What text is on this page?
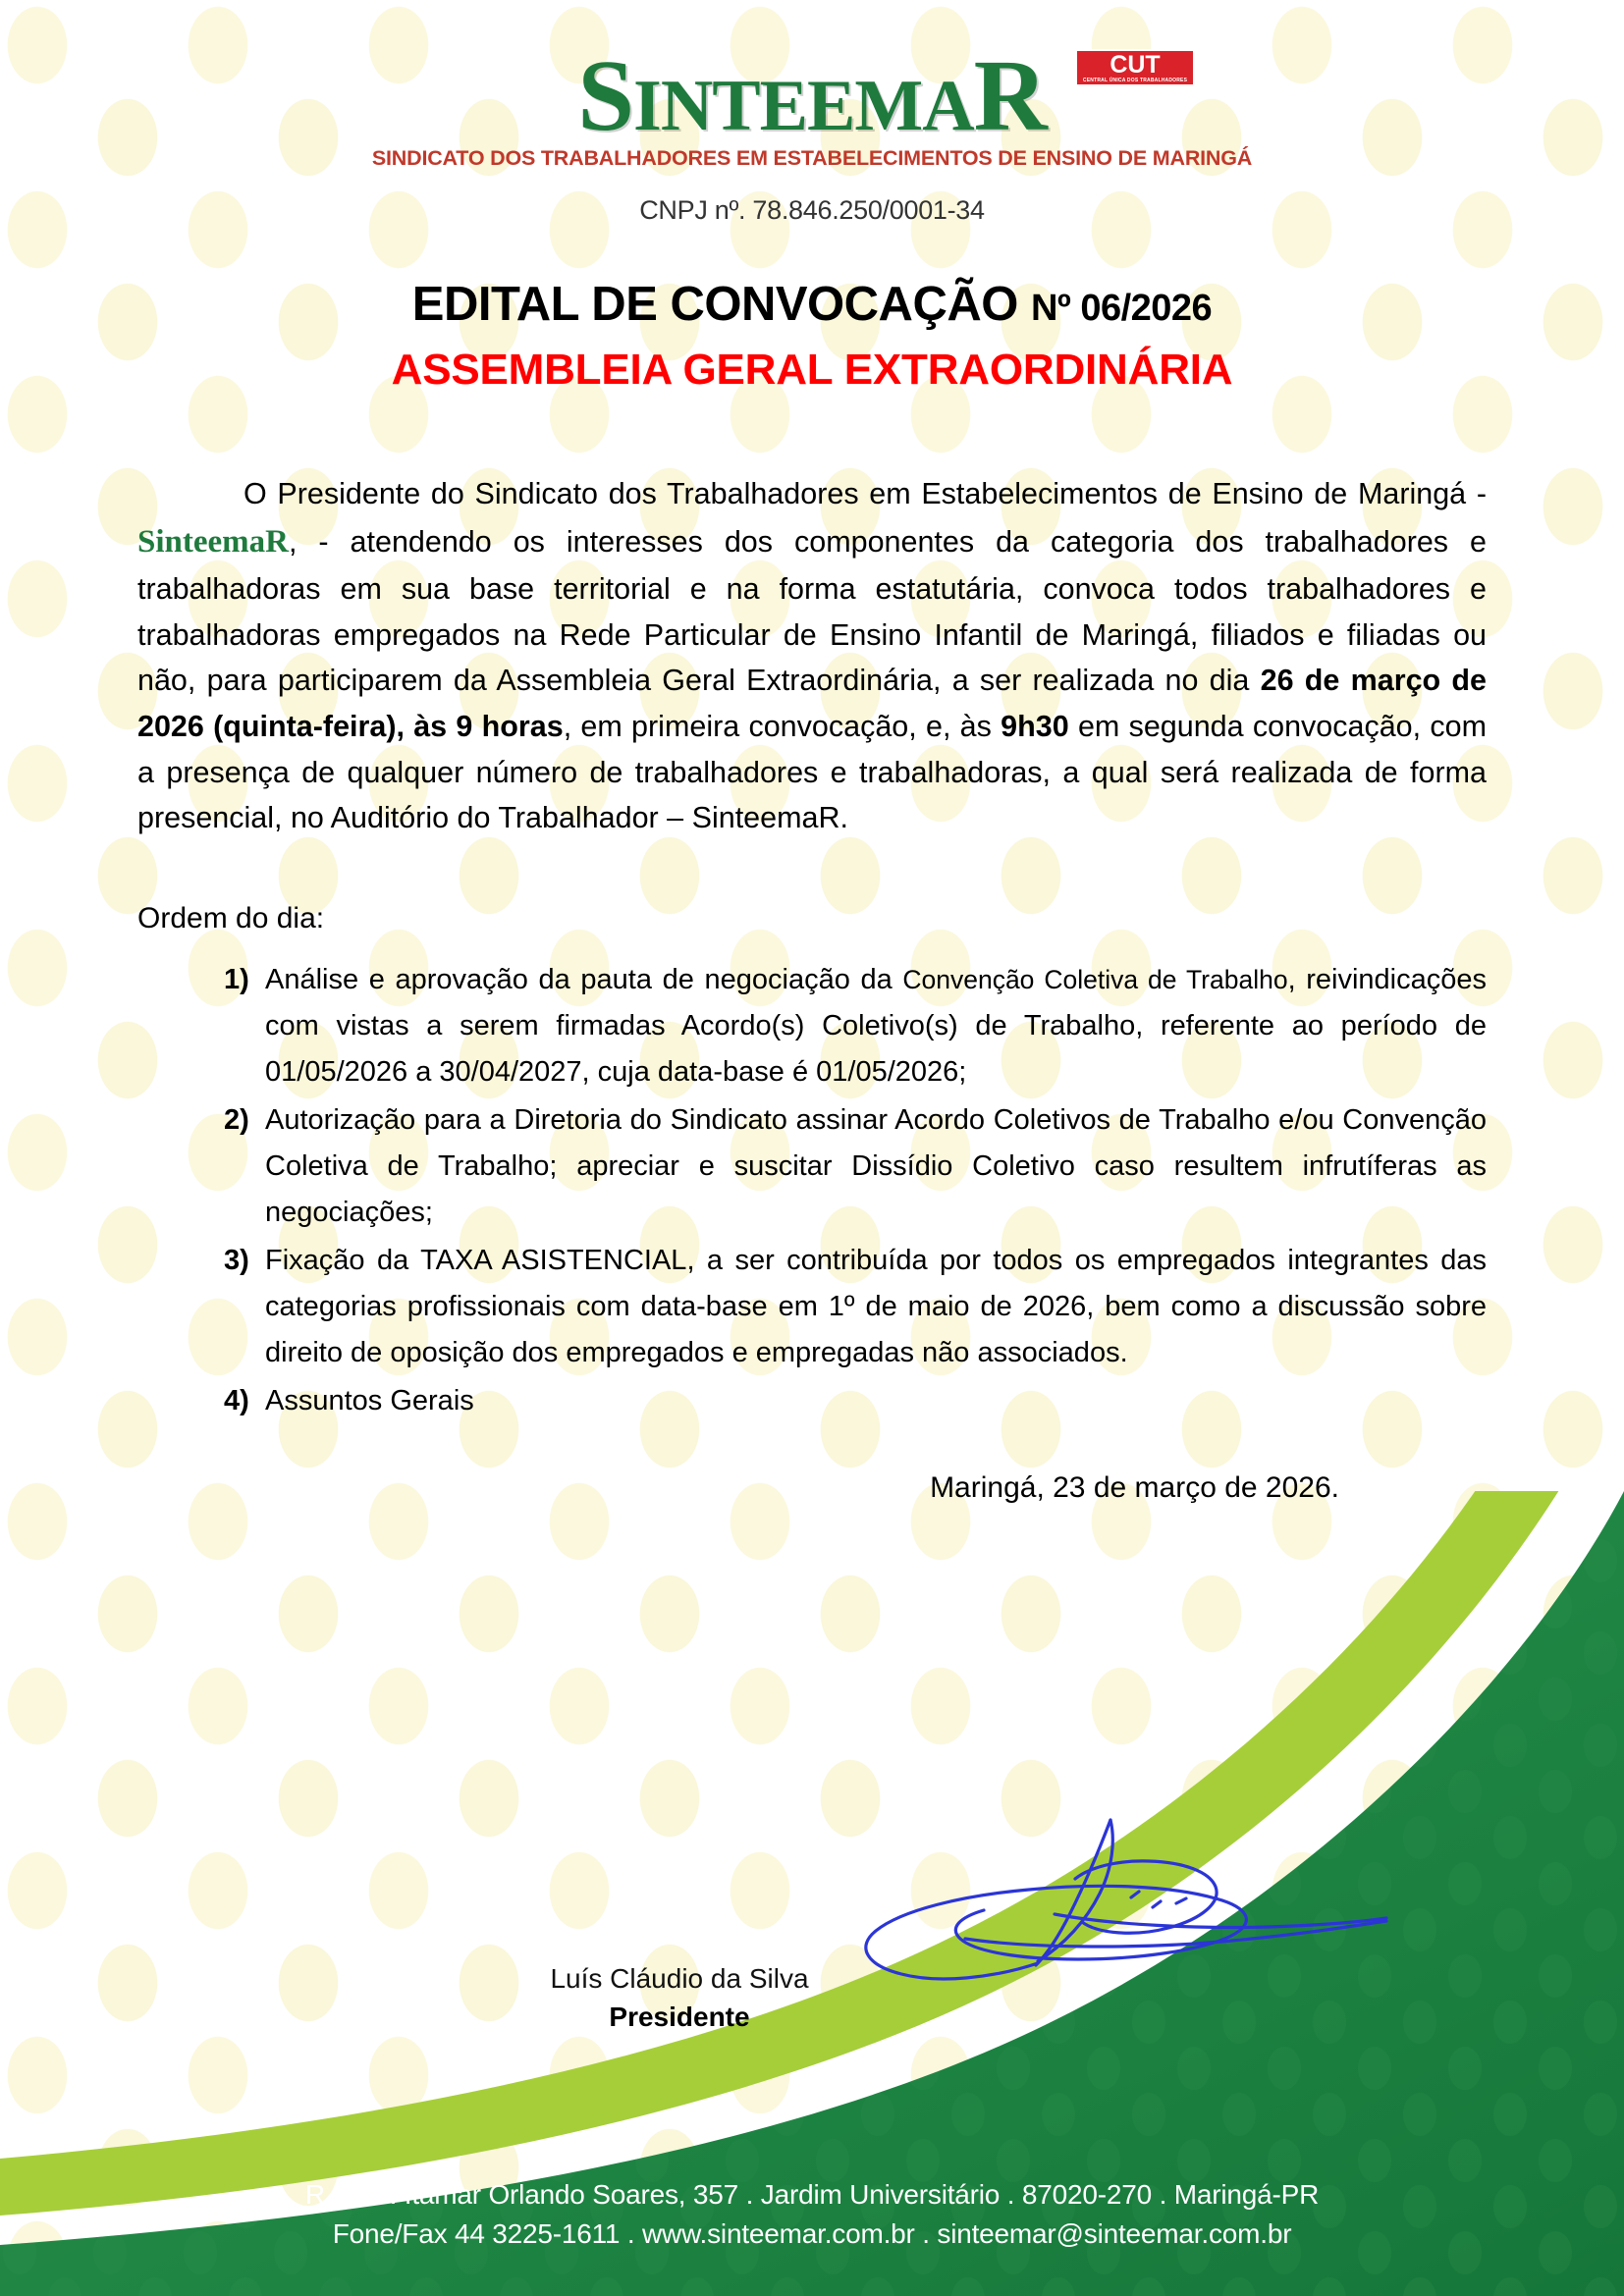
SINTEEMAR	CUT
CENTRAL ÚNICA DOS TRABALHADORES
SINDICATO DOS TRABALHADORES EM ESTABELECIMENTOS DE ENSINO DE MARINGÁ
CNPJ nº. 78.846.250/0001-34
EDITAL DE CONVOCAÇÃO Nº 06/2026
ASSEMBLEIA GERAL EXTRAORDINÁRIA

O Presidente do Sindicato dos Trabalhadores em Estabelecimentos de Ensino de Maringá - SinteemaR, - atendendo os interesses dos componentes da categoria dos trabalhadores e trabalhadoras em sua base territorial e na forma estatutária, convoca todos trabalhadores e trabalhadoras empregados na Rede Particular de Ensino Infantil de Maringá, filiados e filiadas ou não, para participarem da Assembleia Geral Extraordinária, a ser realizada no dia 26 de março de 2026 (quinta-feira), às 9 horas, em primeira convocação, e, às 9h30 em segunda convocação, com a presença de qualquer número de trabalhadores e trabalhadoras, a qual será realizada de forma presencial, no Auditório do Trabalhador – SinteemaR.

Ordem do dia:
Análise e aprovação da pauta de negociação da Convenção Coletiva de Trabalho, reivindicações com vistas a serem firmadas Acordo(s) Coletivo(s) de Trabalho, referente ao período de 01/05/2026 a 30/04/2027, cuja data-base é 01/05/2026;
Autorização para a Diretoria do Sindicato assinar Acordo Coletivos de Trabalho e/ou Convenção Coletiva de Trabalho; apreciar e suscitar Dissídio Coletivo caso resultem infrutíferas as negociações;
Fixação da TAXA ASISTENCIAL, a ser contribuída por todos os empregados integrantes das categorias profissionais com data-base em 1º de maio de 2026, bem como a discussão sobre direito de oposição dos empregados e empregadas não associados.
Assuntos Gerais
Maringá, 23 de março de 2026.
Luís Cláudio da Silva
Presidente
R. Prof. Itamar Orlando Soares, 357 . Jardim Universitário . 87020-270 . Maringá-PR
Fone/Fax 44 3225-1611 . www.sinteemar.com.br . sinteemar@sinteemar.com.br
